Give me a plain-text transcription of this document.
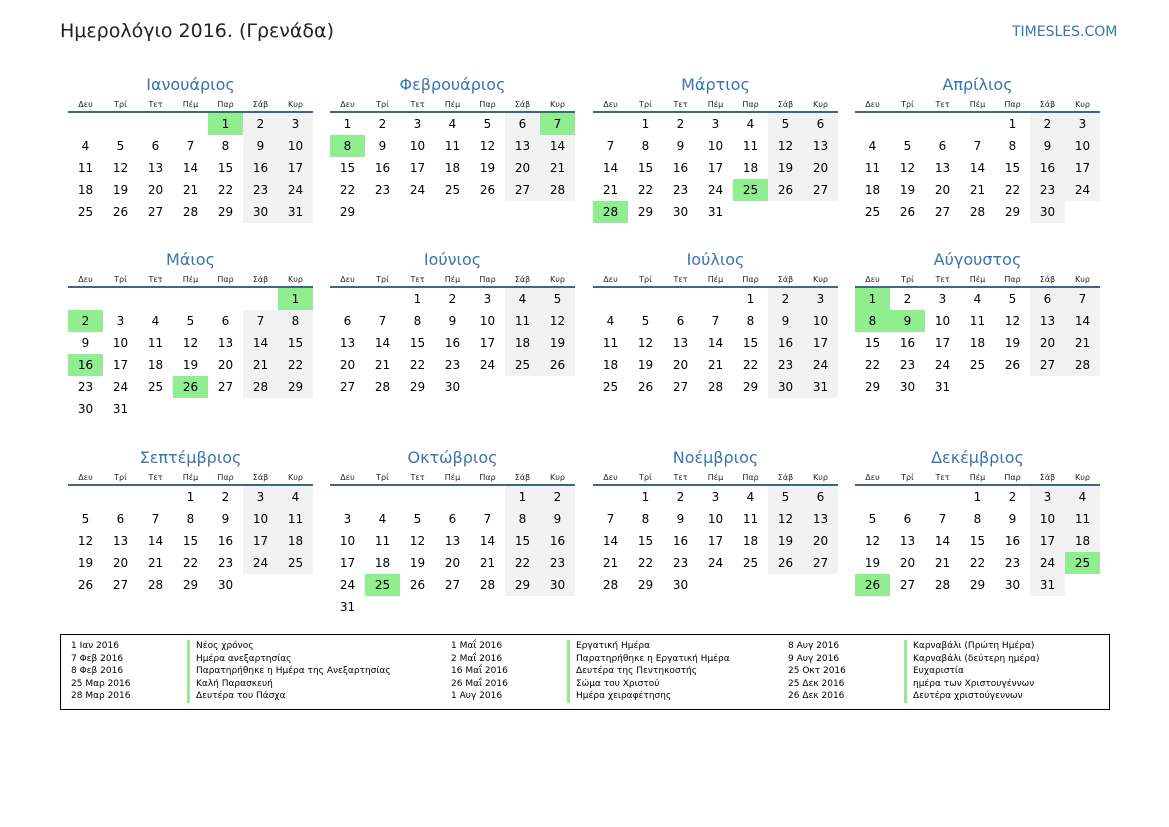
Ημερολόγιο 2016. (Γρενάδα)	TIMESLES.COM
Ιανουάριος
Δευ	Τρί	Τετ	Πέμ	Παρ	Σάβ	Κυρ
				1	2	3
4	5	6	7	8	9	10
11	12	13	14	15	16	17
18	19	20	21	22	23	24
25	26	27	28	29	30	31
Φεβρουάριος
Δευ	Τρί	Τετ	Πέμ	Παρ	Σάβ	Κυρ
1	2	3	4	5	6	7
8	9	10	11	12	13	14
15	16	17	18	19	20	21
22	23	24	25	26	27	28
29						
Μάρτιος
Δευ	Τρί	Τετ	Πέμ	Παρ	Σάβ	Κυρ
	1	2	3	4	5	6
7	8	9	10	11	12	13
14	15	16	17	18	19	20
21	22	23	24	25	26	27
28	29	30	31			
Απρίλιος
Δευ	Τρί	Τετ	Πέμ	Παρ	Σάβ	Κυρ
				1	2	3
4	5	6	7	8	9	10
11	12	13	14	15	16	17
18	19	20	21	22	23	24
25	26	27	28	29	30	
Μάιος
Δευ	Τρί	Τετ	Πέμ	Παρ	Σάβ	Κυρ
						1
2	3	4	5	6	7	8
9	10	11	12	13	14	15
16	17	18	19	20	21	22
23	24	25	26	27	28	29
30	31					
Ιούνιος
Δευ	Τρί	Τετ	Πέμ	Παρ	Σάβ	Κυρ
		1	2	3	4	5
6	7	8	9	10	11	12
13	14	15	16	17	18	19
20	21	22	23	24	25	26
27	28	29	30			
Ιούλιος
Δευ	Τρί	Τετ	Πέμ	Παρ	Σάβ	Κυρ
				1	2	3
4	5	6	7	8	9	10
11	12	13	14	15	16	17
18	19	20	21	22	23	24
25	26	27	28	29	30	31
Αύγουστος
Δευ	Τρί	Τετ	Πέμ	Παρ	Σάβ	Κυρ
1	2	3	4	5	6	7
8	9	10	11	12	13	14
15	16	17	18	19	20	21
22	23	24	25	26	27	28
29	30	31				
Σεπτέμβριος
Δευ	Τρί	Τετ	Πέμ	Παρ	Σάβ	Κυρ
			1	2	3	4
5	6	7	8	9	10	11
12	13	14	15	16	17	18
19	20	21	22	23	24	25
26	27	28	29	30		
Οκτώβριος
Δευ	Τρί	Τετ	Πέμ	Παρ	Σάβ	Κυρ
					1	2
3	4	5	6	7	8	9
10	11	12	13	14	15	16
17	18	19	20	21	22	23
24	25	26	27	28	29	30
31						
Νοέμβριος
Δευ	Τρί	Τετ	Πέμ	Παρ	Σάβ	Κυρ
	1	2	3	4	5	6
7	8	9	10	11	12	13
14	15	16	17	18	19	20
21	22	23	24	25	26	27
28	29	30				
Δεκέμβριος
Δευ	Τρί	Τετ	Πέμ	Παρ	Σάβ	Κυρ
			1	2	3	4
5	6	7	8	9	10	11
12	13	14	15	16	17	18
19	20	21	22	23	24	25
26	27	28	29	30	31	
1 Ιαν 2016	Νέος χρόνος
7 Φεβ 2016	Ημέρα ανεξαρτησίας
8 Φεβ 2016	Παρατηρήθηκε η Ημέρα της Ανεξαρτησίας
25 Μαρ 2016	Καλή Παρασκευή
28 Μαρ 2016	Δευτέρα του Πάσχα
1 Μαΐ 2016	Εργατική Ημέρα
2 Μαΐ 2016	Παρατηρήθηκε η Εργατική Ημέρα
16 Μαΐ 2016	Δευτέρα της Πεντηκοστής
26 Μαΐ 2016	Σώμα του Χριστού
1 Αυγ 2016	Ημέρα χειραφέτησης
8 Αυγ 2016	Καρναβάλι (Πρώτη Ημέρα)
9 Αυγ 2016	Καρναβάλι (δεύτερη ημέρα)
25 Οκτ 2016	Ευχαριστία
25 Δεκ 2016	ημέρα των Χριστουγέννων
26 Δεκ 2016	Δευτέρα χριστούγεννων
